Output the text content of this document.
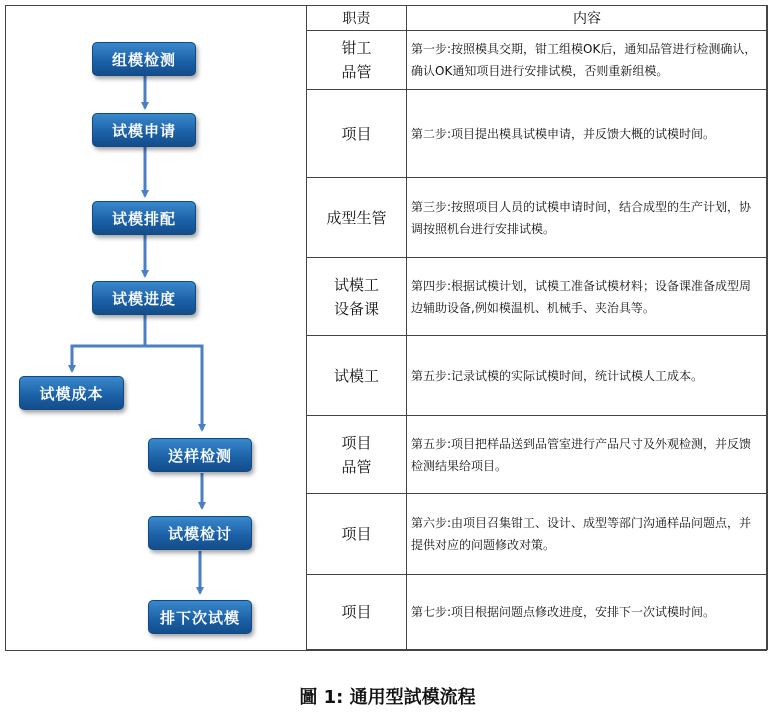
组模检测
试模申请
试模排配
试模进度
试模成本
送样检测
试模检讨
排下次试模
职责	内容

钳工
品管	第一步:按照模具交期，钳工组模OK后，通知品管进行检测确认，确认OK通知项目进行安排试模，否则重新组模。

项目	第二步:项目提出模具试模申请，并反馈大概的试模时间。

成型生管	第三步:按照项目人员的试模申请时间，结合成型的生产计划，协调按照机台进行安排试模。

试模工
设备课	第四步:根据试模计划，试模工准备试模材料；设备课准备成型周边辅助设备,例如模温机、机械手、夹治具等。

试模工	第五步:记录试模的实际试模时间，统计试模人工成本。

项目
品管	第五步:项目把样品送到品管室进行产品尺寸及外观检测，并反馈检测结果给项目。

项目	第六步:由项目召集钳工、设计、成型等部门沟通样品问题点，并提供对应的问题修改对策。

项目	第七步:项目根据问题点修改进度，安排下一次试模时间。
圖 1: 通用型試模流程
